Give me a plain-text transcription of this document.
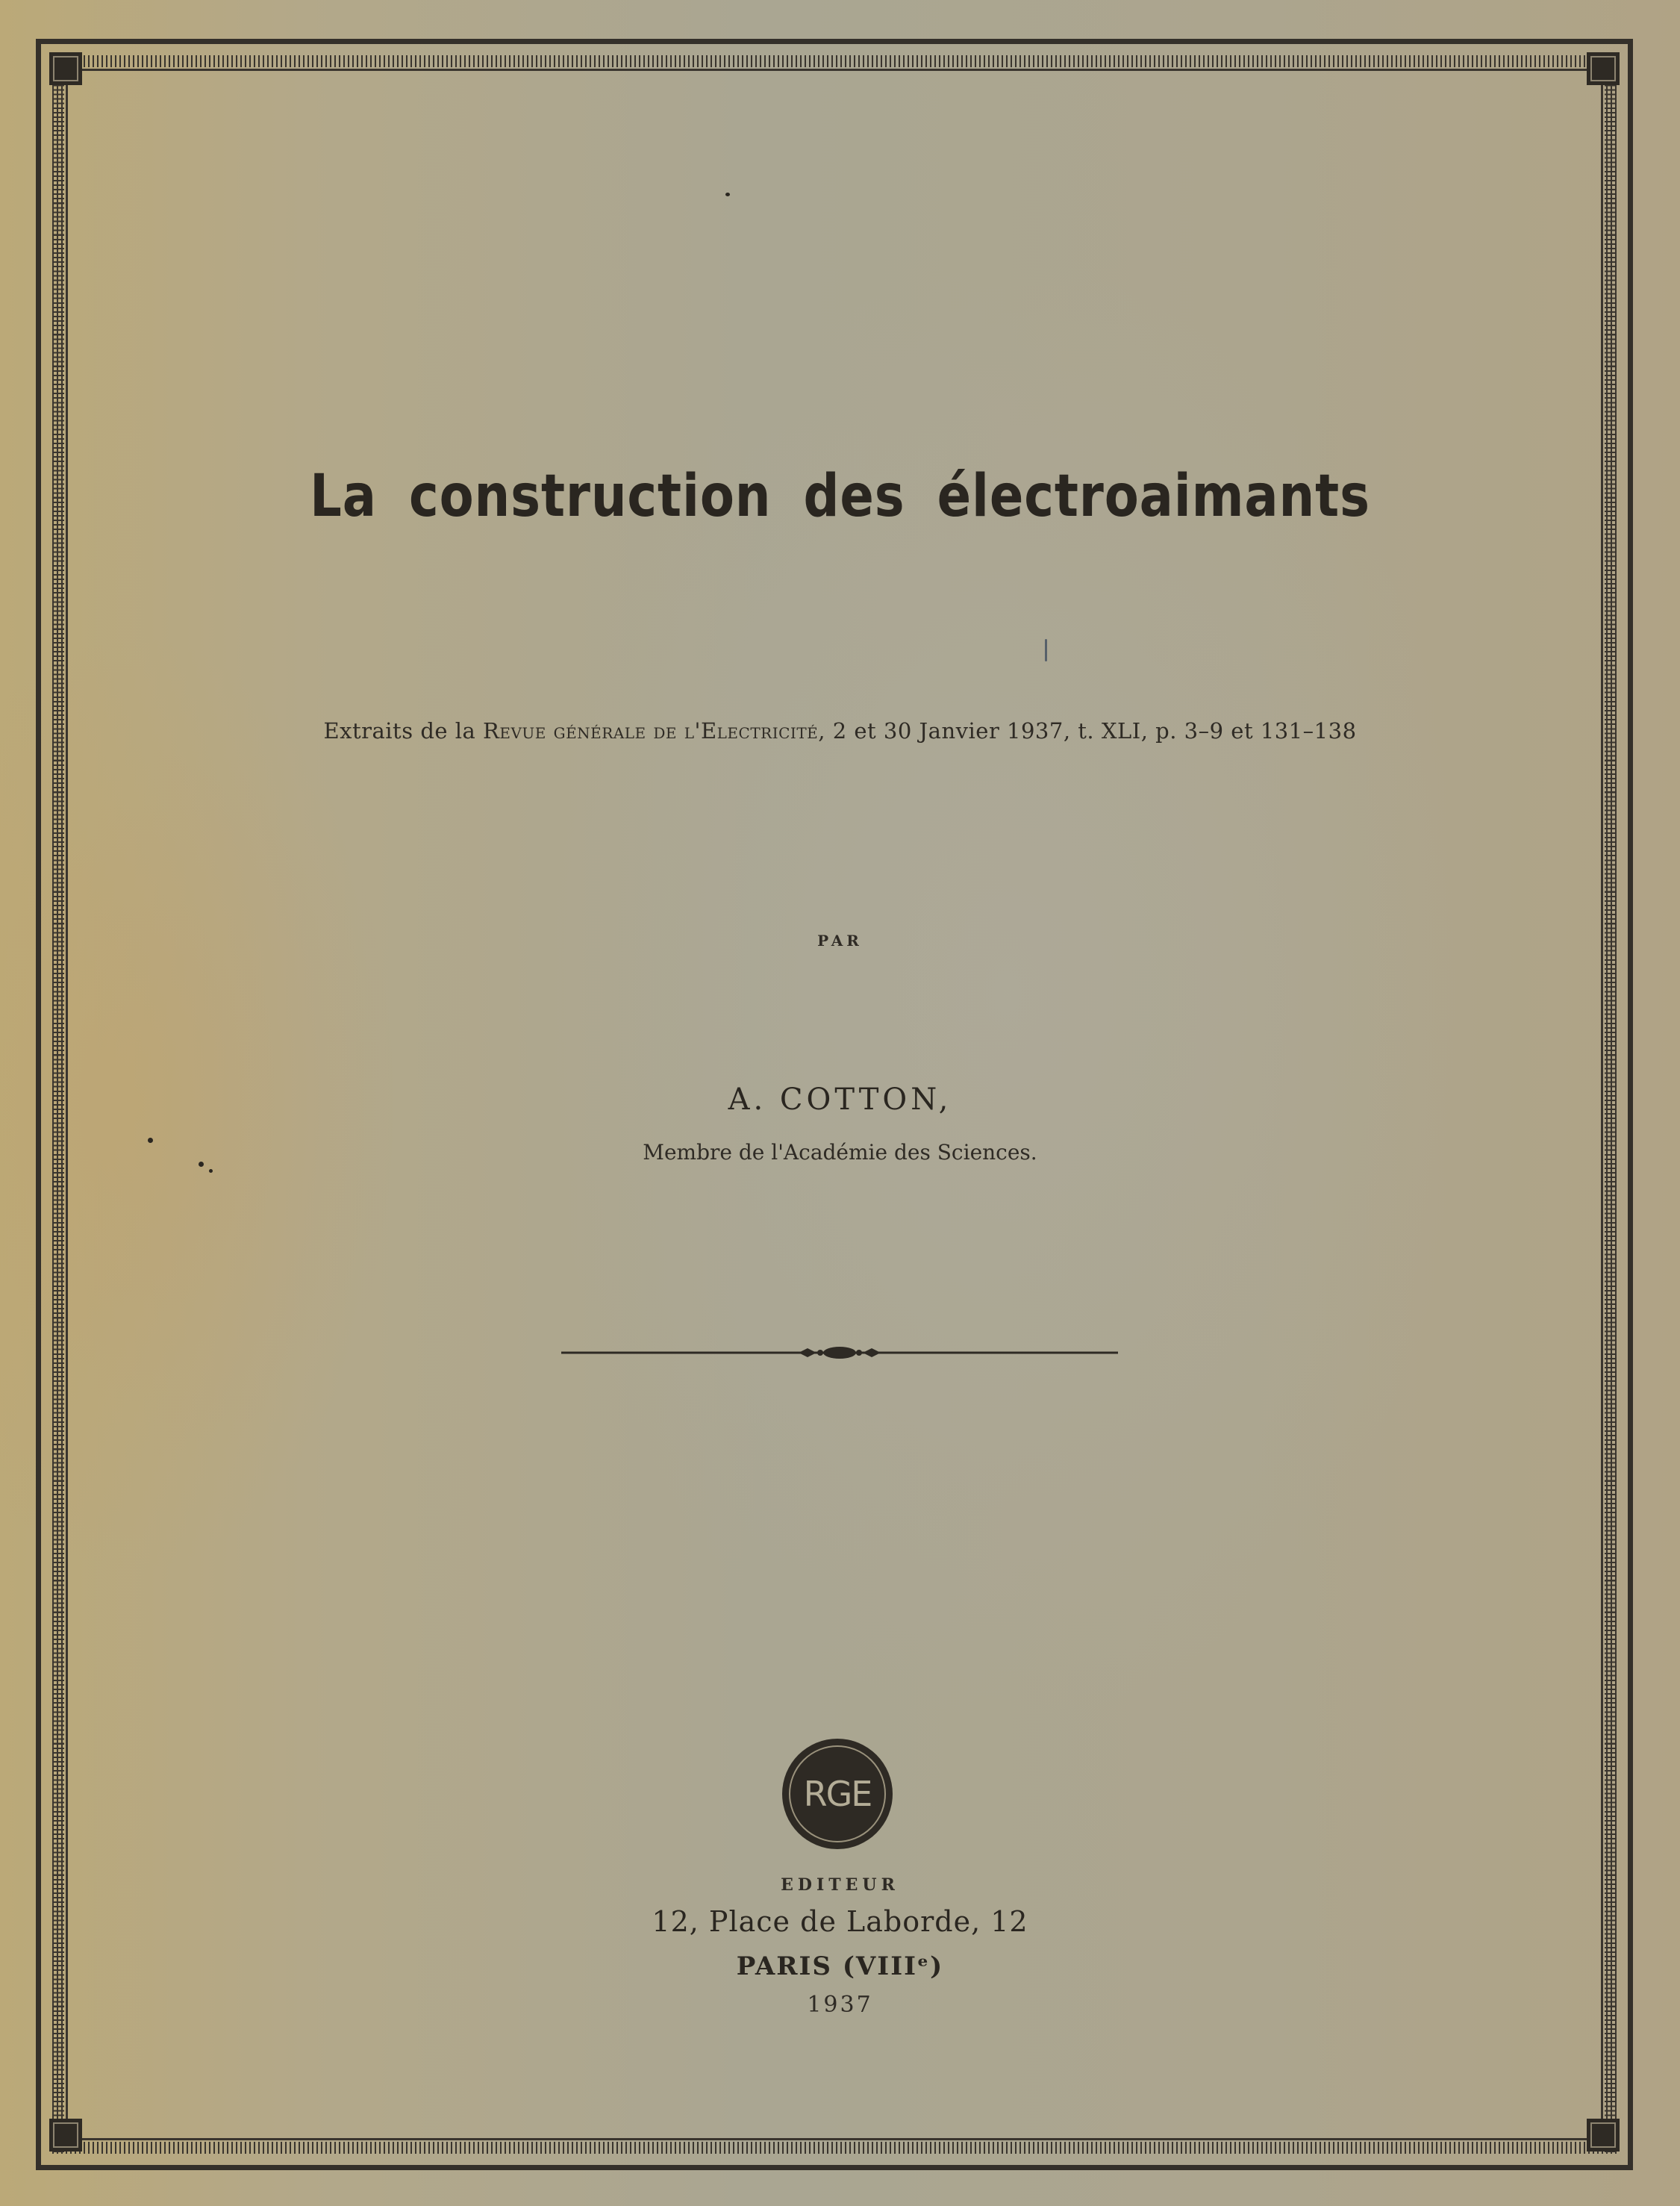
La construction des électroaimants
Extraits de la Revue générale de l'Electricité, 2 et 30 Janvier 1937, t. XLI, p. 3–9 et 131–138
PAR
A. COTTON,
Membre de l'Académie des Sciences.
RGE
EDITEUR
12, Place de Laborde, 12
PARIS (VIIIᵉ)
1937
